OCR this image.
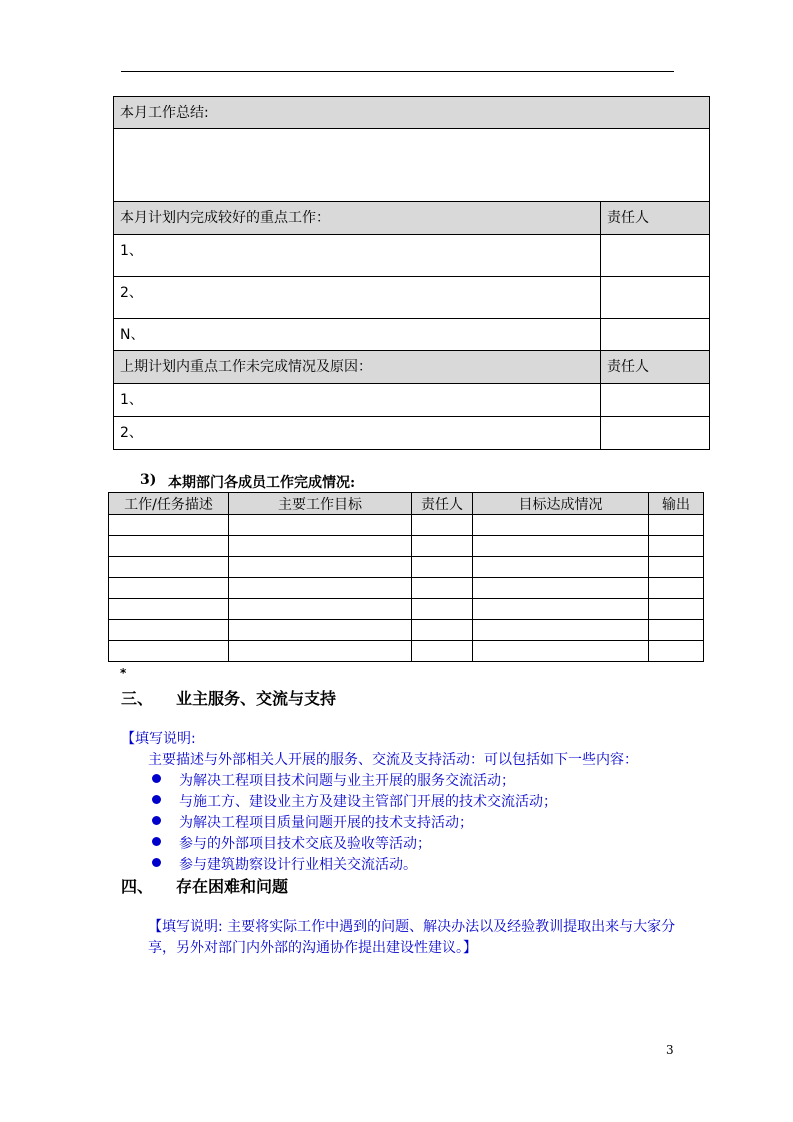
本月工作总结:	

本月计划内完成较好的重点工作：	责任人
1、	
2、	
N、	
上期计划内重点工作未完成情况及原因：	责任人
1、	
2、	
3) 本期部门各成员工作完成情况:
工作/任务描述	主要工作目标	责任人	目标达成情况	输出

*
三、 业主服务、交流与支持
【填写说明:
主要描述与外部相关人开展的服务、交流及支持活动：可以包括如下一些内容：
为解决工程项目技术问题与业主开展的服务交流活动；
与施工方、建设业主方及建设主管部门开展的技术交流活动；
为解决工程项目质量问题开展的技术支持活动；
参与的外部项目技术交底及验收等活动；
参与建筑勘察设计行业相关交流活动。
四、 存在困难和问题
【填写说明: 主要将实际工作中遇到的问题、解决办法以及经验教训提取出来与大家分
享，另外对部门内外部的沟通协作提出建设性建议。】
3
